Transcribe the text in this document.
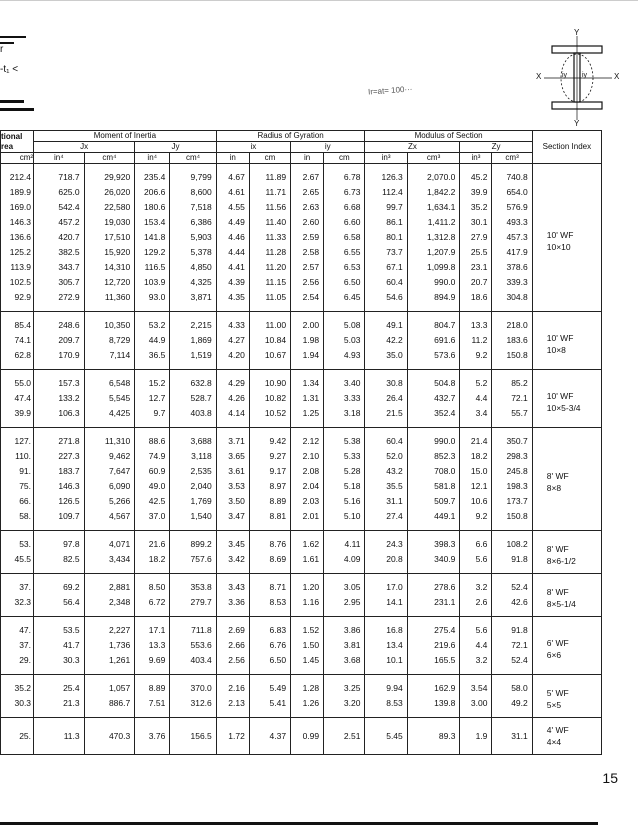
r
-t₁ <
Ir=at= 100···
Y
Y
X	X
iy iy
tional rea	Moment of Inertia				Radius of Gyration				Modulus of Section				Section Index
	Jx		Jy		ix		iy		Zx		Zy		
cm²	in⁴	cm⁴	in⁴	cm⁴	in	cm	in	cm	in³	cm³	in³	cm³	
212.4	718.7	29,920	235.4	9,799	4.67	11.89	2.67	6.78	126.3	2,070.0	45.2	740.8	10' WF
10×10
189.9	625.0	26,020	206.6	8,600	4.61	11.71	2.65	6.73	112.4	1,842.2	39.9	654.0	
169.0	542.4	22,580	180.6	7,518	4.55	11.56	2.63	6.68	99.7	1,634.1	35.2	576.9	
146.3	457.2	19,030	153.4	6,386	4.49	11.40	2.60	6.60	86.1	1,411.2	30.1	493.3	
136.6	420.7	17,510	141.8	5,903	4.46	11.33	2.59	6.58	80.1	1,312.8	27.9	457.3	
125.2	382.5	15,920	129.2	5,378	4.44	11.28	2.58	6.55	73.7	1,207.9	25.5	417.9	
113.9	343.7	14,310	116.5	4,850	4.41	11.20	2.57	6.53	67.1	1,099.8	23.1	378.6	
102.5	305.7	12,720	103.9	4,325	4.39	11.15	2.56	6.50	60.4	990.0	20.7	339.3	
92.9	272.9	11,360	93.0	3,871	4.35	11.05	2.54	6.45	54.6	894.9	18.6	304.8	
85.4	248.6	10,350	53.2	2,215	4.33	11.00	2.00	5.08	49.1	804.7	13.3	218.0	10' WF
10×8
74.1	209.7	8,729	44.9	1,869	4.27	10.84	1.98	5.03	42.2	691.6	11.2	183.6	
62.8	170.9	7,114	36.5	1,519	4.20	10.67	1.94	4.93	35.0	573.6	9.2	150.8	
55.0	157.3	6,548	15.2	632.8	4.29	10.90	1.34	3.40	30.8	504.8	5.2	85.2	10' WF
10×5-3/4
47.4	133.2	5,545	12.7	528.7	4.26	10.82	1.31	3.33	26.4	432.7	4.4	72.1	
39.9	106.3	4,425	9.7	403.8	4.14	10.52	1.25	3.18	21.5	352.4	3.4	55.7	
127.	271.8	11,310	88.6	3,688	3.71	9.42	2.12	5.38	60.4	990.0	21.4	350.7	8' WF
8×8
110.	227.3	9,462	74.9	3,118	3.65	9.27	2.10	5.33	52.0	852.3	18.2	298.3	
91.	183.7	7,647	60.9	2,535	3.61	9.17	2.08	5.28	43.2	708.0	15.0	245.8	
75.	146.3	6,090	49.0	2,040	3.53	8.97	2.04	5.18	35.5	581.8	12.1	198.3	
66.	126.5	5,266	42.5	1,769	3.50	8.89	2.03	5.16	31.1	509.7	10.6	173.7	
58.	109.7	4,567	37.0	1,540	3.47	8.81	2.01	5.10	27.4	449.1	9.2	150.8	
53.	97.8	4,071	21.6	899.2	3.45	8.76	1.62	4.11	24.3	398.3	6.6	108.2	8' WF
8×6-1/2
45.5	82.5	3,434	18.2	757.6	3.42	8.69	1.61	4.09	20.8	340.9	5.6	91.8	
37.	69.2	2,881	8.50	353.8	3.43	8.71	1.20	3.05	17.0	278.6	3.2	52.4	8' WF
8×5-1/4
32.3	56.4	2,348	6.72	279.7	3.36	8.53	1.16	2.95	14.1	231.1	2.6	42.6	
47.	53.5	2,227	17.1	711.8	2.69	6.83	1.52	3.86	16.8	275.4	5.6	91.8	6' WF
6×6
37.	41.7	1,736	13.3	553.6	2.66	6.76	1.50	3.81	13.4	219.6	4.4	72.1	
29.	30.3	1,261	9.69	403.4	2.56	6.50	1.45	3.68	10.1	165.5	3.2	52.4	
35.2	25.4	1,057	8.89	370.0	2.16	5.49	1.28	3.25	9.94	162.9	3.54	58.0	5' WF
5×5
30.3	21.3	886.7	7.51	312.6	2.13	5.41	1.26	3.20	8.53	139.8	3.00	49.2	
25.	11.3	470.3	3.76	156.5	1.72	4.37	0.99	2.51	5.45	89.3	1.9	31.1	4' WF
4×4
15
